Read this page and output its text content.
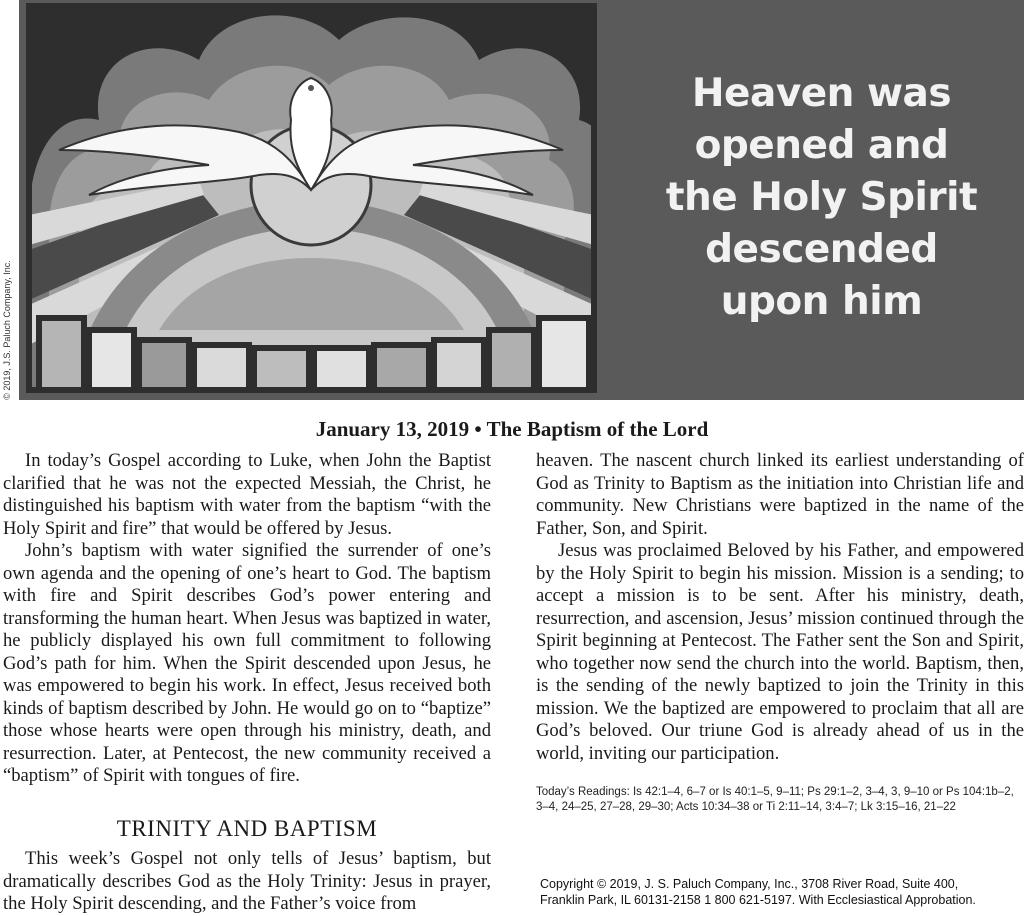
© 2019, J.S. Paluch Company, Inc.
Heaven was
opened and
the Holy Spirit
descended
upon him
January 13, 2019 • The Baptism of the Lord

In today’s Gospel according to Luke, when John the Baptist clarified that he was not the expected Messiah, the Christ, he distinguished his baptism with water from the baptism “with the Holy Spirit and fire” that would be offered by Jesus.

John’s baptism with water signified the surrender of one’s own agenda and the opening of one’s heart to God. The baptism with fire and Spirit describes God’s power entering and transforming the human heart. When Jesus was baptized in water, he publicly displayed his own full commitment to following God’s path for him. When the Spirit descended upon Jesus, he was empowered to begin his work. In effect, Jesus received both kinds of baptism described by John. He would go on to “baptize” those whose hearts were open through his ministry, death, and resurrection. Later, at Pentecost, the new community received a “baptism” of Spirit with tongues of fire.

TRINITY AND BAPTISM

This week’s Gospel not only tells of Jesus’ baptism, but dramatically describes God as the Holy Trinity: Jesus in prayer, the Holy Spirit descending, and the Father’s voice from

heaven. The nascent church linked its earliest understanding of God as Trinity to Baptism as the initiation into Christian life and community. New Christians were baptized in the name of the Father, Son, and Spirit.

Jesus was proclaimed Beloved by his Father, and empowered by the Holy Spirit to begin his mission. Mission is a sending; to accept a mission is to be sent. After his ministry, death, resurrection, and ascension, Jesus’ mission continued through the Spirit beginning at Pentecost. The Father sent the Son and Spirit, who together now send the church into the world. Baptism, then, is the sending of the newly baptized to join the Trinity in this mission. We the baptized are empowered to proclaim that all are God’s beloved. Our triune God is already ahead of us in the world, inviting our participation.

Today’s Readings: Is 42:1–4, 6–7 or Is 40:1–5, 9–11; Ps 29:1–2, 3–4, 3, 9–10 or Ps 104:1b–2, 3–4, 24–25, 27–28, 29–30; Acts 10:34–38 or Ti 2:11–14, 3:4–7; Lk 3:15–16, 21–22
Copyright © 2019, J. S. Paluch Company, Inc., 3708 River Road, Suite 400,
Franklin Park, IL 60131-2158 1 800 621-5197. With Ecclesiastical Approbation.
